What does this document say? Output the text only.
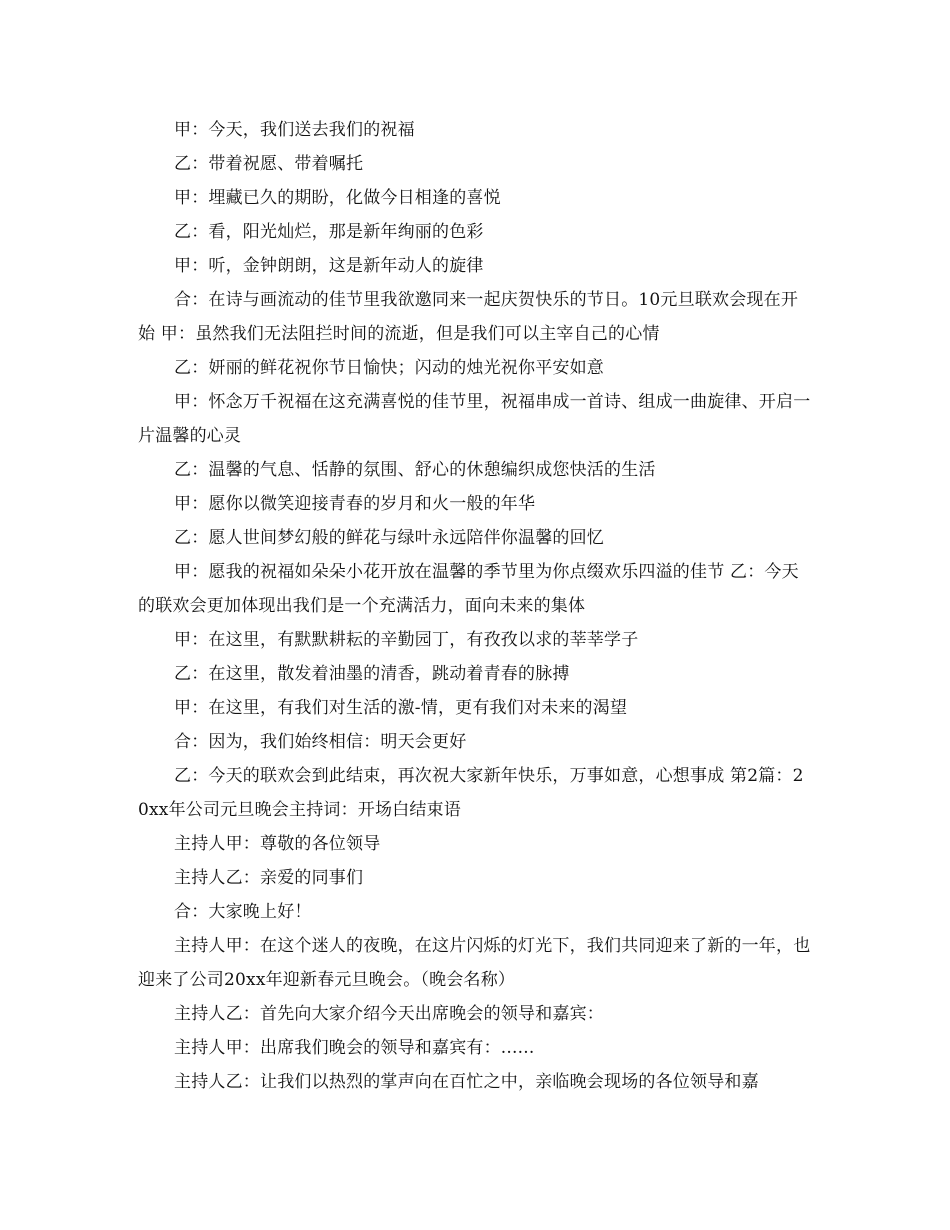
甲：今天，我们送去我们的祝福

乙：带着祝愿、带着嘱托

甲：埋藏已久的期盼，化做今日相逢的喜悦

乙：看，阳光灿烂，那是新年绚丽的色彩

甲：听，金钟朗朗，这是新年动人的旋律

合：在诗与画流动的佳节里我欲邀同来一起庆贺快乐的节日。10元旦联欢会现在开始 甲：虽然我们无法阻拦时间的流逝，但是我们可以主宰自己的心情

乙：妍丽的鲜花祝你节日愉快；闪动的烛光祝你平安如意

甲：怀念万千祝福在这充满喜悦的佳节里，祝福串成一首诗、组成一曲旋律、开启一片温馨的心灵

乙：温馨的气息、恬静的氛围、舒心的休憩编织成您快活的生活

甲：愿你以微笑迎接青春的岁月和火一般的年华

乙：愿人世间梦幻般的鲜花与绿叶永远陪伴你温馨的回忆

甲：愿我的祝福如朵朵小花开放在温馨的季节里为你点缀欢乐四溢的佳节 乙：今天的联欢会更加体现出我们是一个充满活力，面向未来的集体

甲：在这里，有默默耕耘的辛勤园丁，有孜孜以求的莘莘学子

乙：在这里，散发着油墨的清香，跳动着青春的脉搏

甲：在这里，有我们对生活的激-情，更有我们对未来的渴望

合：因为，我们始终相信：明天会更好

乙：今天的联欢会到此结束，再次祝大家新年快乐，万事如意，心想事成 第2篇：20xx年公司元旦晚会主持词：开场白结束语

主持人甲：尊敬的各位领导

主持人乙：亲爱的同事们

合：大家晚上好！

主持人甲：在这个迷人的夜晚，在这片闪烁的灯光下，我们共同迎来了新的一年，也迎来了公司20xx年迎新春元旦晚会。（晚会名称）

主持人乙：首先向大家介绍今天出席晚会的领导和嘉宾：

主持人甲：出席我们晚会的领导和嘉宾有：......

主持人乙：让我们以热烈的掌声向在百忙之中，亲临晚会现场的各位领导和嘉
